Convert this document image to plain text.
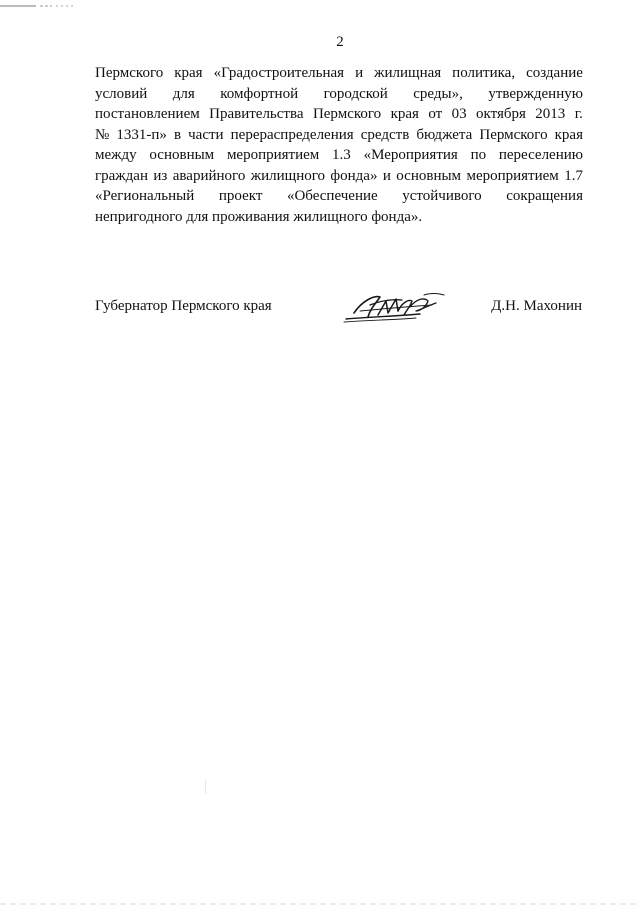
2
Пермского края «Градостроительная и жилищная политика, создание
условий для комфортной городской среды», утвержденную
постановлением Правительства Пермского края от 03 октября 2013 г.
№ 1331-п» в части перераспределения средств бюджета Пермского края
между основным мероприятием 1.3 «Мероприятия по переселению
граждан из аварийного жилищного фонда» и основным мероприятием 1.7
«Региональный проект «Обеспечение устойчивого сокращения
непригодного для проживания жилищного фонда».
Губернатор Пермского края	Д.Н. Махонин
